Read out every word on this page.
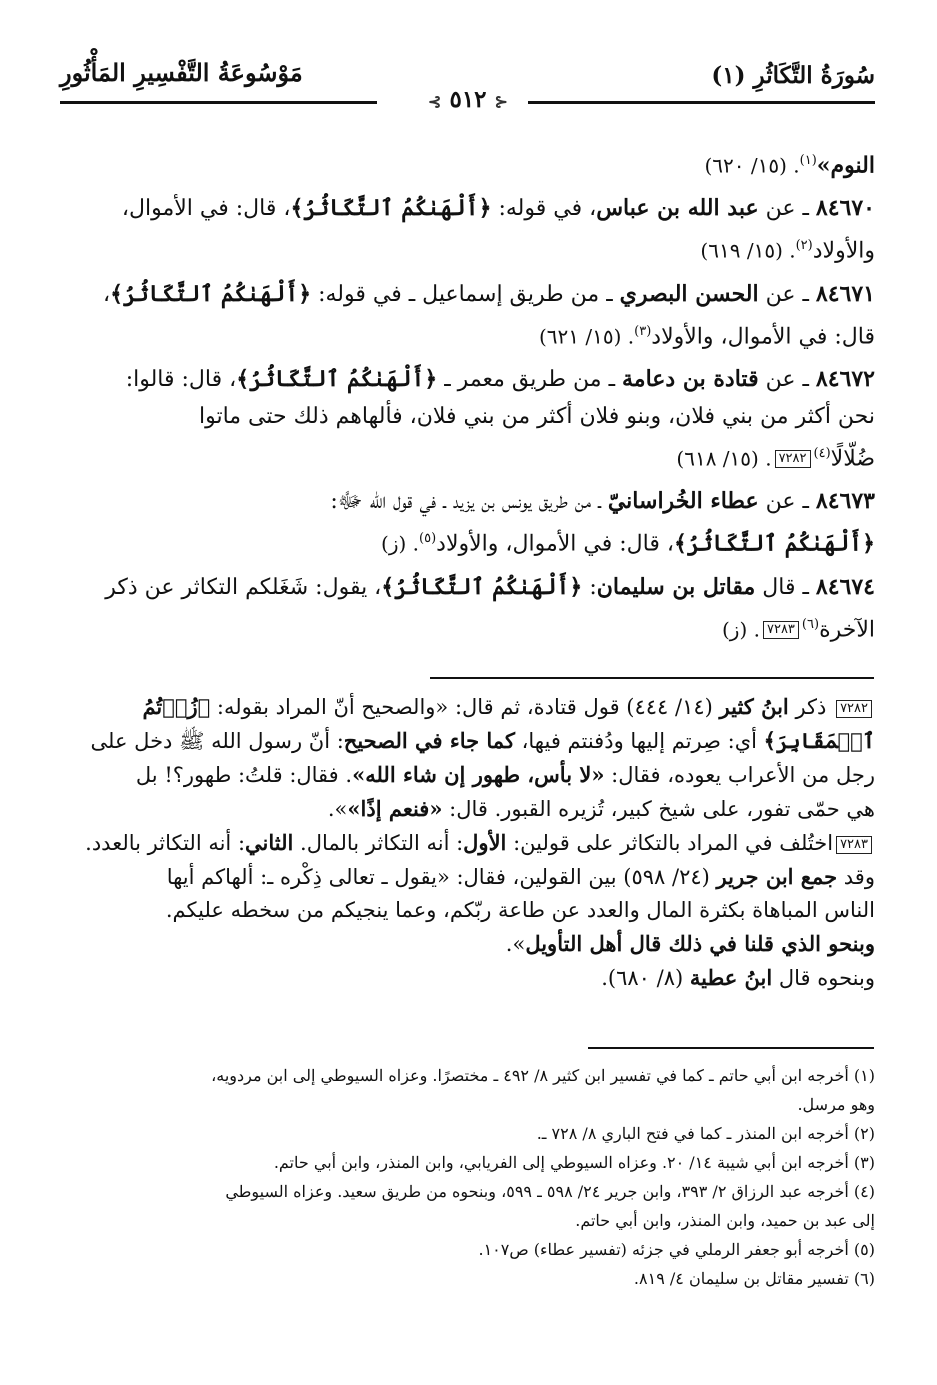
سُورَةُ التَّكَاثُرِ (١)
مَوْسُوعَةُ التَّفْسِيرِ المَأْثُورِ
⊰ ٥١٢ ⊱
النوم»$^{(١)}$. (١٥/ ٦٢٠)
٨٤٦٧٠ ـ عن عبد الله بن عباس، في قوله: ﴿أَلْهَىٰكُمُ ٱلتَّكَاثُرُ﴾، قال: في الأموال،
والأولاد$^{(٢)}$. (١٥/ ٦١٩)
٨٤٦٧١ ـ عن الحسن البصري ـ من طريق إسماعيل ـ في قوله: ﴿أَلْهَىٰكُمُ ٱلتَّكَاثُرُ﴾،
قال: في الأموال، والأولاد$^{(٣)}$. (١٥/ ٦٢١)
٨٤٦٧٢ ـ عن قتادة بن دعامة ـ من طريق معمر ـ ﴿أَلْهَىٰكُمُ ٱلتَّكَاثُرُ﴾، قال: قالوا:
نحن أكثر من بني فلان، وبنو فلان أكثر من بني فلان، فألهاهم ذلك حتى ماتوا
ضُلّالًا$^{(٤)}$٧٢٨٢. (١٥/ ٦١٨)
٨٤٦٧٣ ـ عن عطاء الخُراسانيّ ـ من طريق يونس بن يزيد ـ في قول الله ﷻ:
﴿أَلْهَىٰكُمُ ٱلتَّكَاثُرُ﴾، قال: في الأموال، والأولاد$^{(٥)}$. (ز)
٨٤٦٧٤ ـ قال مقاتل بن سليمان: ﴿أَلْهَىٰكُمُ ٱلتَّكَاثُرُ﴾، يقول: شَغَلكم التكاثر عن ذكر
الآخرة$^{(٦)}$٧٢٨٣. (ز)
٧٢٨٢ ذكر ابنُ كثير (١٤/ ٤٤٤) قول قتادة، ثم قال: «والصحيح أنّ المراد بقوله: ﴿زُرۡتُمُ
ٱلۡمَقَابِرَ﴾ أي: صِرتم إليها ودُفنتم فيها، كما جاء في الصحيح: أنّ رسول الله ﷺ دخل على
رجل من الأعراب يعوده، فقال: «لا بأس، طهور إن شاء الله». فقال: قلتُ: طهور؟! بل
هي حمّى تفور، على شيخ كبير، تُزيره القبور. قال: «فنعم إذًا»».
٧٢٨٣اختُلف في المراد بالتكاثر على قولين: الأول: أنه التكاثر بالمال. الثاني: أنه التكاثر بالعدد.
وقد جمع ابن جرير (٢٤/ ٥٩٨) بين القولين، فقال: «يقول ـ تعالى ذِكْره ـ: ألهاكم أيها
الناس المباهاة بكثرة المال والعدد عن طاعة ربّكم، وعما ينجيكم من سخطه عليكم.
وبنحو الذي قلنا في ذلك قال أهل التأويل».
وبنحوه قال ابنُ عطية (٨/ ٦٨٠).
(١) أخرجه ابن أبي حاتم ـ كما في تفسير ابن كثير ٨/ ٤٩٢ ـ مختصرًا. وعزاه السيوطي إلى ابن مردويه،
وهو مرسل.
(٢) أخرجه ابن المنذر ـ كما في فتح الباري ٨/ ٧٢٨ ـ.
(٣) أخرجه ابن أبي شيبة ١٤/ ٢٠. وعزاه السيوطي إلى الفريابي، وابن المنذر، وابن أبي حاتم.
(٤) أخرجه عبد الرزاق ٢/ ٣٩٣، وابن جرير ٢٤/ ٥٩٨ ـ ٥٩٩، وبنحوه من طريق سعيد. وعزاه السيوطي
إلى عبد بن حميد، وابن المنذر، وابن أبي حاتم.
(٥) أخرجه أبو جعفر الرملي في جزئه (تفسير عطاء) ص١٠٧.
(٦) تفسير مقاتل بن سليمان ٤/ ٨١٩.
